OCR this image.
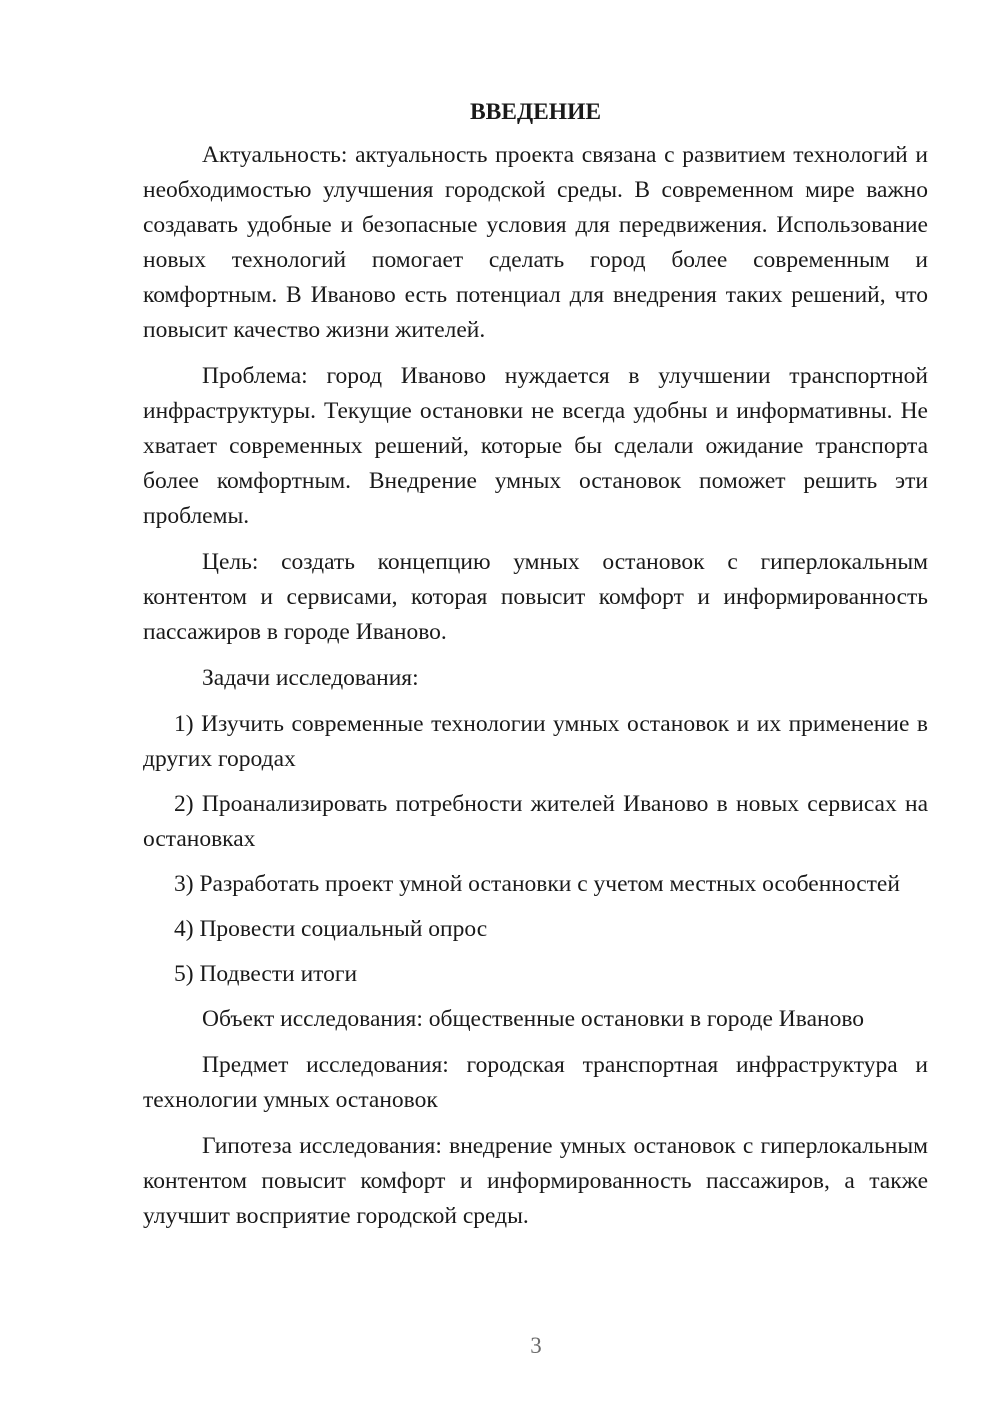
ВВЕДЕНИЕ

Актуальность: актуальность проекта связана с развитием технологий и необходимостью улучшения городской среды. В современном мире важно создавать удобные и безопасные условия для передвижения. Использование новых технологий помогает сделать город более современным и комфортным. В Иваново есть потенциал для внедрения таких решений, что повысит качество жизни жителей.

Проблема: город Иваново нуждается в улучшении транспортной инфраструктуры. Текущие остановки не всегда удобны и информативны. Не хватает современных решений, которые бы сделали ожидание транспорта более комфортным. Внедрение умных остановок поможет решить эти проблемы.

Цель: создать концепцию умных остановок с гиперлокальным контентом и сервисами, которая повысит комфорт и информированность пассажиров в городе Иваново.

Задачи исследования:

1) Изучить современные технологии умных остановок и их применение в других городах

2) Проанализировать потребности жителей Иваново в новых сервисах на остановках

3) Разработать проект умной остановки с учетом местных особенностей

4) Провести социальный опрос

5) Подвести итоги

Объект исследования: общественные остановки в городе Иваново

Предмет исследования: городская транспортная инфраструктура и технологии умных остановок

Гипотеза исследования: внедрение умных остановок с гиперлокальным контентом повысит комфорт и информированность пассажиров, а также улучшит восприятие городской среды.

3
